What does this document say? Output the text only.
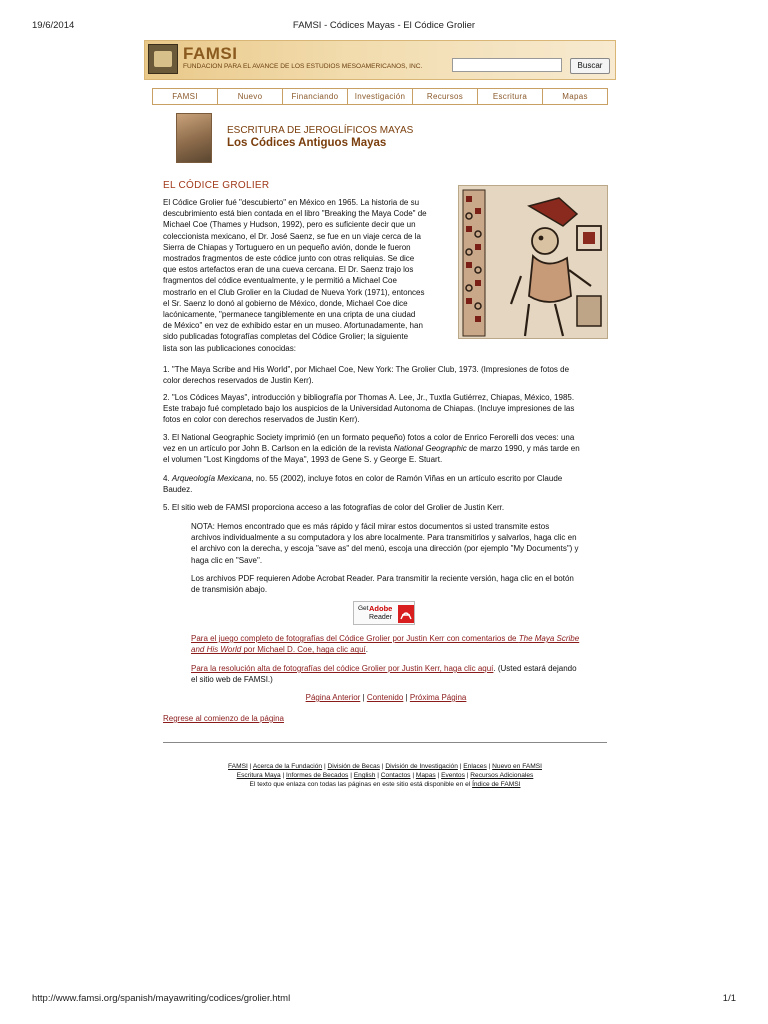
19/6/2014	FAMSI - Códices Mayas - El Códice Grolier
FAMSI
FUNDACION PARA EL AVANCE DE LOS ESTUDIOS MESOAMERICANOS, INC.	Buscar
FAMSI	Nuevo	Financiando	Investigación	Recursos	Escritura	Mapas
ESCRITURA DE JEROGLÍFICOS MAYAS
Los Códices Antiguos Mayas
EL CÓDICE GROLIER
El Códice Grolier fué "descubierto" en México en 1965. La historia de su
descubrimiento está bien contada en el libro "Breaking the Maya Code" de
Michael Coe (Thames y Hudson, 1992), pero es suficiente decir que un
coleccionista mexicano, el Dr. José Saenz, se fue en un viaje cerca de la
Sierra de Chiapas y Tortuguero en un pequeño avión, donde le fueron
mostrados fragmentos de este códice junto con otras reliquias. Se dice
que estos artefactos eran de una cueva cercana. El Dr. Saenz trajo los
fragmentos del códice eventualmente, y le permitió a Michael Coe
mostrarlo en el Club Grolier en la Ciudad de Nueva York (1971), entonces
el Sr. Saenz lo donó al gobierno de México, donde, Michael Coe dice
lacónicamente, "permanece tangiblemente en una cripta de una ciudad
de México" en vez de exhibido estar en un museo. Afortunadamente, han
sido publicadas fotografías completas del Códice Grolier; la siguiente
lista son las publicaciones conocidas:
1. "The Maya Scribe and His World", por Michael Coe, New York: The Grolier Club, 1973. (Impresiones de fotos de
color derechos reservados de Justin Kerr).
2. "Los Códices Mayas", introducción y bibliografía por Thomas A. Lee, Jr., Tuxtla Gutiérrez, Chiapas, México, 1985.
Este trabajo fué completado bajo los auspicios de la Universidad Autonoma de Chiapas. (Incluye impresiones de las
fotos en color con derechos reservados de Justin Kerr).
3. El National Geographic Society imprimió (en un formato pequeño) fotos a color de Enrico Ferorelli dos veces: una
vez en un artículo por John B. Carlson en la edición de la revista National Geographic de marzo 1990, y más tarde en
el volumen "Lost Kingdoms of the Maya", 1993 de Gene S. y George E. Stuart.
4. Arqueología Mexicana, no. 55 (2002), incluye fotos en color de Ramón Viñas en un artículo escrito por Claude
Baudez.
5. El sitio web de FAMSI proporciona acceso a las fotografías de color del Grolier de Justin Kerr.
NOTA: Hemos encontrado que es más rápido y fácil mirar estos documentos si usted transmite estos
archivos individualmente a su computadora y los abre localmente. Para transmitirlos y salvarlos, haga clic en
el archivo con la derecha, y escoja "save as" del menú, escoja una dirección (por ejemplo "My Documents") y
haga clic en "Save".
Los archivos PDF requieren Adobe Acrobat Reader. Para transmitir la reciente versión, haga clic en el botón
de transmisión abajo.
Get Adobe
Reader
Para el juego completo de fotografías del Códice Grolier por Justin Kerr con comentarios de The Maya Scribe
and His World por Michael D. Coe, haga clic aquí.
Para la resolución alta de fotografías del códice Grolier por Justin Kerr, haga clic aquí. (Usted estará dejando
el sitio web de FAMSI.)
Página Anterior | Contenido | Próxima Página
Regrese al comienzo de la página
FAMSI | Acerca de la Fundación | División de Becas | División de Investigación | Enlaces | Nuevo en FAMSI
Escritura Maya | Informes de Becados | English | Contactos | Mapas | Eventos | Recursos Adicionales
El texto que enlaza con todas las páginas en este sitio está disponible en el Índice de FAMSI
http://www.famsi.org/spanish/mayawriting/codices/grolier.html	1/1
